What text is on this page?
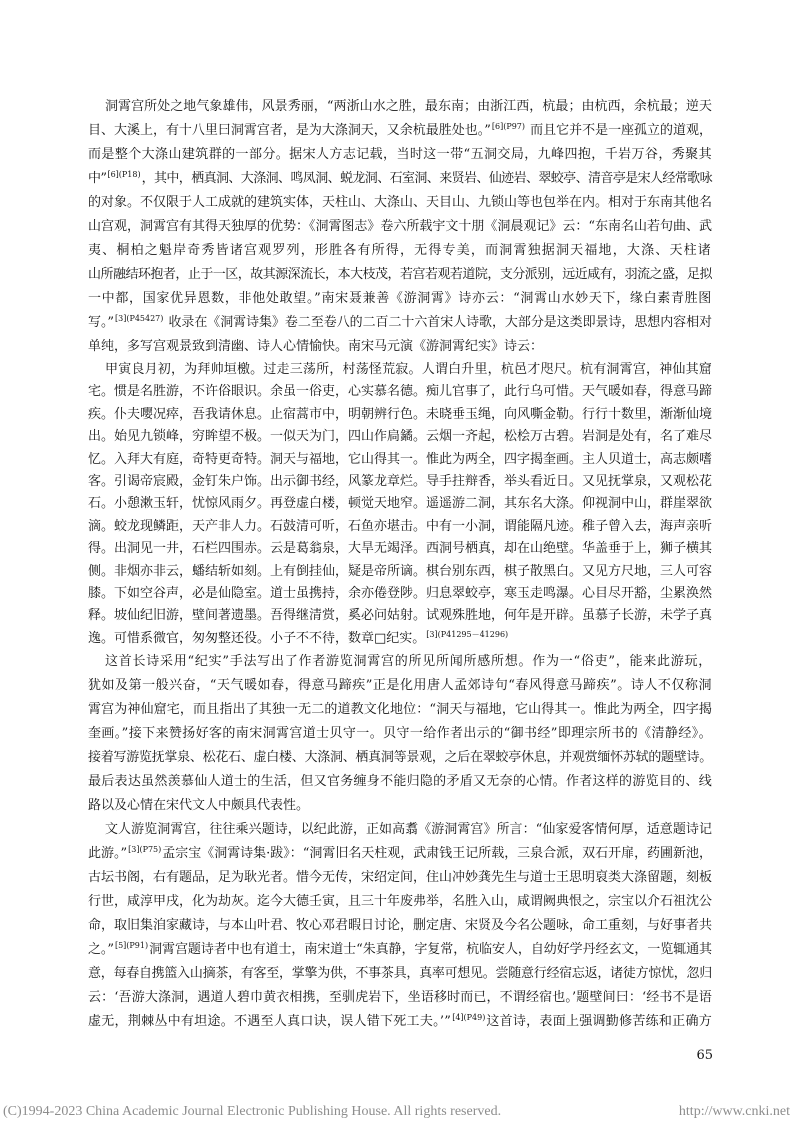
洞霄宫所处之地气象雄伟，风景秀丽，“两浙山水之胜，最东南；由浙江西，杭最；由杭西，余杭最；逆天
目、大溪上，有十八里曰洞霄宫者，是为大涤洞天，又余杭最胜处也。”$^{[6](P97)}$ 而且它并不是一座孤立的道观，
而是整个大涤山建筑群的一部分。据宋人方志记载，当时这一带“五洞交局，九峰四抱，千岩万谷，秀聚其
中”$^{[6](P18)}$，其中，栖真洞、大涤洞、鸣凤洞、蜕龙洞、石室洞、来贤岩、仙迹岩、翠蛟亭、清音亭是宋人经常歌咏
的对象。不仅限于人工成就的建筑实体，天柱山、大涤山、天目山、九锁山等也包举在内。相对于东南其他名
山宫观，洞霄宫有其得天独厚的优势：《洞霄图志》卷六所载宇文十朋《洞晨观记》云：“东南名山若句曲、武
夷、桐柏之魁岸奇秀皆诸宫观罗列，形胜各有所得，无得专美，而洞霄独据洞天福地，大涤、天柱诸
山所融结环抱者，止于一区，故其源深流长，本大枝茂，若宫若观若道院，支分派别，远近咸有，羽流之盛，足拟
一中都，国家优异恩数，非他处敢望。”南宋聂兼善《游洞霄》诗亦云：“洞霄山水妙天下，缘白素青胜图
写。”$^{[3](P45427)}$ 收录在《洞霄诗集》卷二至卷八的二百二十六首宋人诗歌，大部分是这类即景诗，思想内容相对
单纯，多写宫观景致到清幽、诗人心情愉快。南宋马元演《游洞霄纪实》诗云：
甲寅良月初，为拜帅垣檄。过走三荡所，村荡怪荒寂。人谓白升里，杭邑才咫尺。杭有洞霄宫，神仙其窟
宅。惯是名胜游，不许俗眼识。余虽一俗吏，心实慕名德。痴儿官事了，此行乌可惜。天气暖如春，得意马蹄
疾。仆夫嘤况瘁，吾我请休息。止宿蒿市中，明朝辨行色。未晓垂玉绳，向风嘶金勒。行行十数里，渐渐仙境
出。始见九锁峰，穷眸望不极。一似天为门，四山作扃鐍。云烟一齐起，松桧万古碧。岩洞是处有，名了难尽
忆。入拜大有庭，奇特更奇特。洞天与福地，它山得其一。惟此为两全，四字揭奎画。主人贝道士，高志颇嗜
客。引谒帝宸殿，金钉朱户饰。出示御书经，风篆龙章烂。导手拄辩香，举头看近日。又见抚掌泉，又观松花
石。小憩漱玉轩，忧惊风雨夕。再登虚白楼，顿觉天地窄。遥遥游二洞，其东名大涤。仰视洞中山，群崖翠欲
滴。蛟龙现鳞距，天产非人力。石鼓清可听，石鱼亦堪击。中有一小洞，谓能隔凡迹。稚子曾入去，海声亲听
得。出洞见一井，石栏四围赤。云是葛翁泉，大旱无竭泽。西洞号栖真，却在山绝壁。华盖垂于上，狮子横其
侧。非烟亦非云，蟠结斩如刻。上有倒挂仙，疑是帝所谪。棋台别东西，棋子散黑白。又见方尺地，三人可容
膝。下如空谷声，必是仙隐室。道士虽携持，余亦倦登陟。归息翠蛟亭，寒玉走鸣瀑。心目尽开豁，尘累涣然
释。坡仙纪旧游，壁间著遗墨。吾得继清赏，奚必问姑射。试观殊胜地，何年是开辟。虽慕子长游，未学子真
逸。可惜系微官，匆匆整还役。小子不不待，数章□纪实。$^{[3](P41295-41296)}$
这首长诗采用“纪实”手法写出了作者游览洞霄宫的所见所闻所感所想。作为一“俗吏”，能来此游玩，
犹如及第一般兴奋，“天气暖如春，得意马蹄疾”正是化用唐人孟郊诗句“春风得意马蹄疾”。诗人不仅称洞
霄宫为神仙窟宅，而且指出了其独一无二的道教文化地位：“洞天与福地，它山得其一。惟此为两全，四字揭
奎画。”接下来赞扬好客的南宋洞霄宫道士贝守一。贝守一给作者出示的“御书经”即理宗所书的《清静经》。
接着写游览抚掌泉、松花石、虚白楼、大涤洞、栖真洞等景观，之后在翠蛟亭休息，并观赏缅怀苏轼的题壁诗。
最后表达虽然羡慕仙人道士的生活，但又官务缠身不能归隐的矛盾又无奈的心情。作者这样的游览目的、线
路以及心情在宋代文人中颇具代表性。
文人游览洞霄宫，往往乘兴题诗，以纪此游，正如高翥《游洞霄宫》所言：“仙家爱客情何厚，适意题诗记
此游。”$^{[3](P75)}$孟宗宝《洞霄诗集·跋》：“洞霄旧名天柱观，武肃钱王记所载，三泉合派，双石开扉，药圃新池，
古坛书阁，右有题品，足为耿光者。惜今无传，宋绍定间，住山冲妙龚先生与道士王思明裒类大涤留题，刻板
行世，咸淳甲戌，化为劫灰。迄今大德壬寅，且三十年废弗举，名胜入山，咸谓阙典恨之，宗宝以介石祖沈公
命，取旧集洎家藏诗，与本山叶君、牧心邓君暇日讨论，删定唐、宋贤及今名公题咏，命工重刻，与好事者共
之。”$^{[5](P91)}$洞霄宫题诗者中也有道士，南宋道士“朱真静，字复常，杭临安人，自幼好学丹经玄文，一览辄通其
意，每春自携篮入山摘茶，有客至，掌擎为供，不事茶具，真率可想见。尝随意行经宿忘返，诸徒方惊忧，忽归
云：‘吾游大涤洞，遇道人碧巾黄衣相携，至驯虎岩下，坐语移时而已，不谓经宿也。’题壁间曰：‘经书不是语
虚无，荆棘丛中有坦途。不遇至人真口诀，误人错下死工夫。’”$^{[4](P49)}$这首诗，表面上强调勤修苦练和正确方
65
(C)1994-2023 China Academic Journal Electronic Publishing House. All rights reserved.	http://www.cnki.net
